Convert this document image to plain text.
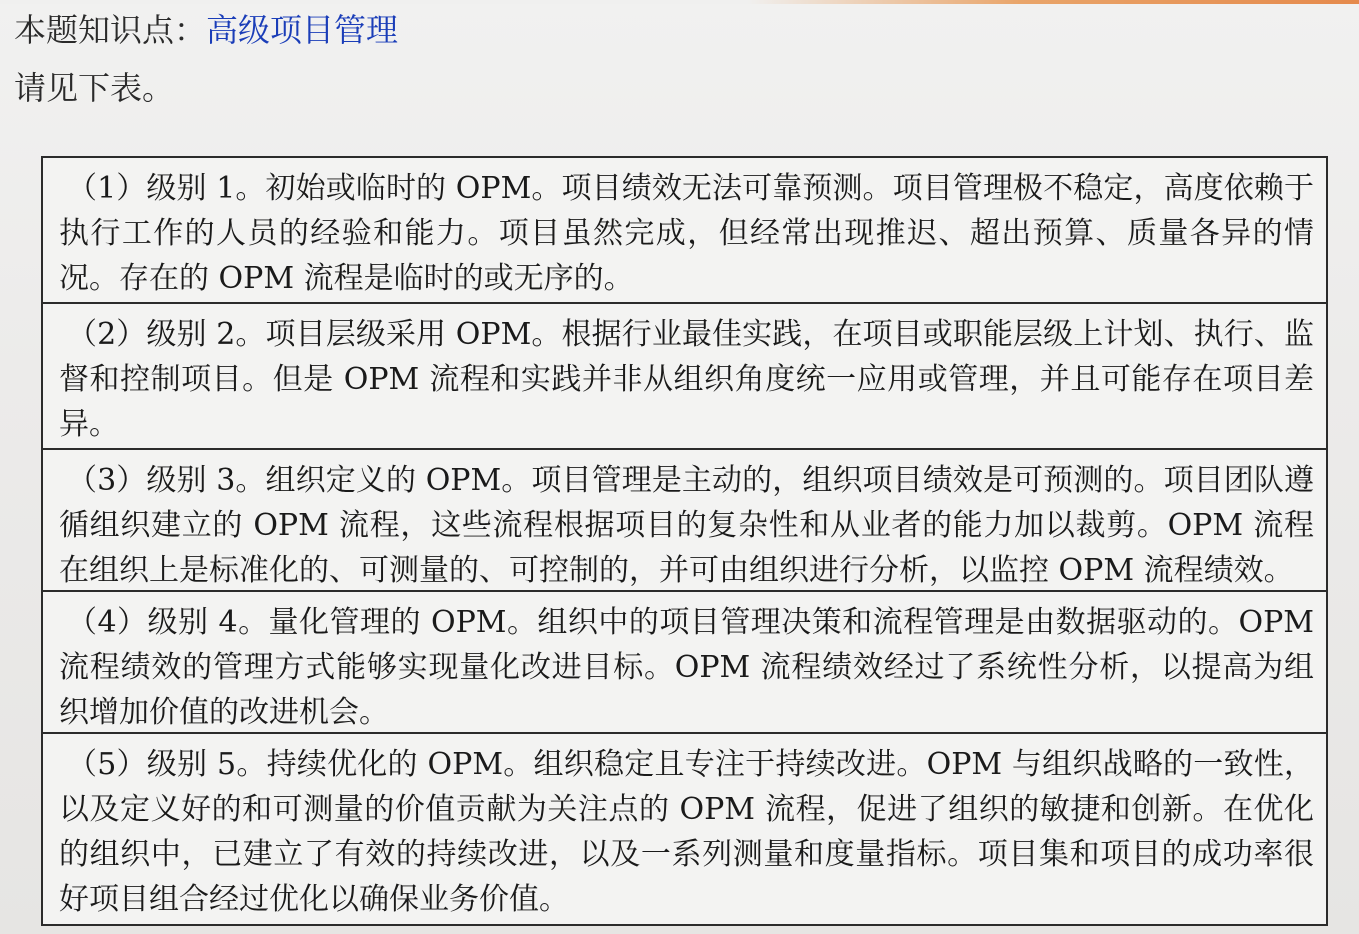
本题知识点：高级项目管理
请见下表。
（1）级别 1。初始或临时的 OPM。项目绩效无法可靠预测。项目管理极不稳定，高度依赖于执行工作的人员的经验和能力。项目虽然完成，但经常出现推迟、超出预算、质量各异的情况。存在的 OPM 流程是临时的或无序的。
（2）级别 2。项目层级采用 OPM。根据行业最佳实践，在项目或职能层级上计划、执行、监督和控制项目。但是 OPM 流程和实践并非从组织角度统一应用或管理，并且可能存在项目差异。
（3）级别 3。组织定义的 OPM。项目管理是主动的，组织项目绩效是可预测的。项目团队遵循组织建立的 OPM 流程，这些流程根据项目的复杂性和从业者的能力加以裁剪。OPM 流程在组织上是标准化的、可测量的、可控制的，并可由组织进行分析，以监控 OPM 流程绩效。
（4）级别 4。量化管理的 OPM。组织中的项目管理决策和流程管理是由数据驱动的。OPM 流程绩效的管理方式能够实现量化改进目标。OPM 流程绩效经过了系统性分析，以提高为组织增加价值的改进机会。
（5）级别 5。持续优化的 OPM。组织稳定且专注于持续改进。OPM 与组织战略的一致性，以及定义好的和可测量的价值贡献为关注点的 OPM 流程，促进了组织的敏捷和创新。在优化的组织中，已建立了有效的持续改进，以及一系列测量和度量指标。项目集和项目的成功率很好项目组合经过优化以确保业务价值。
